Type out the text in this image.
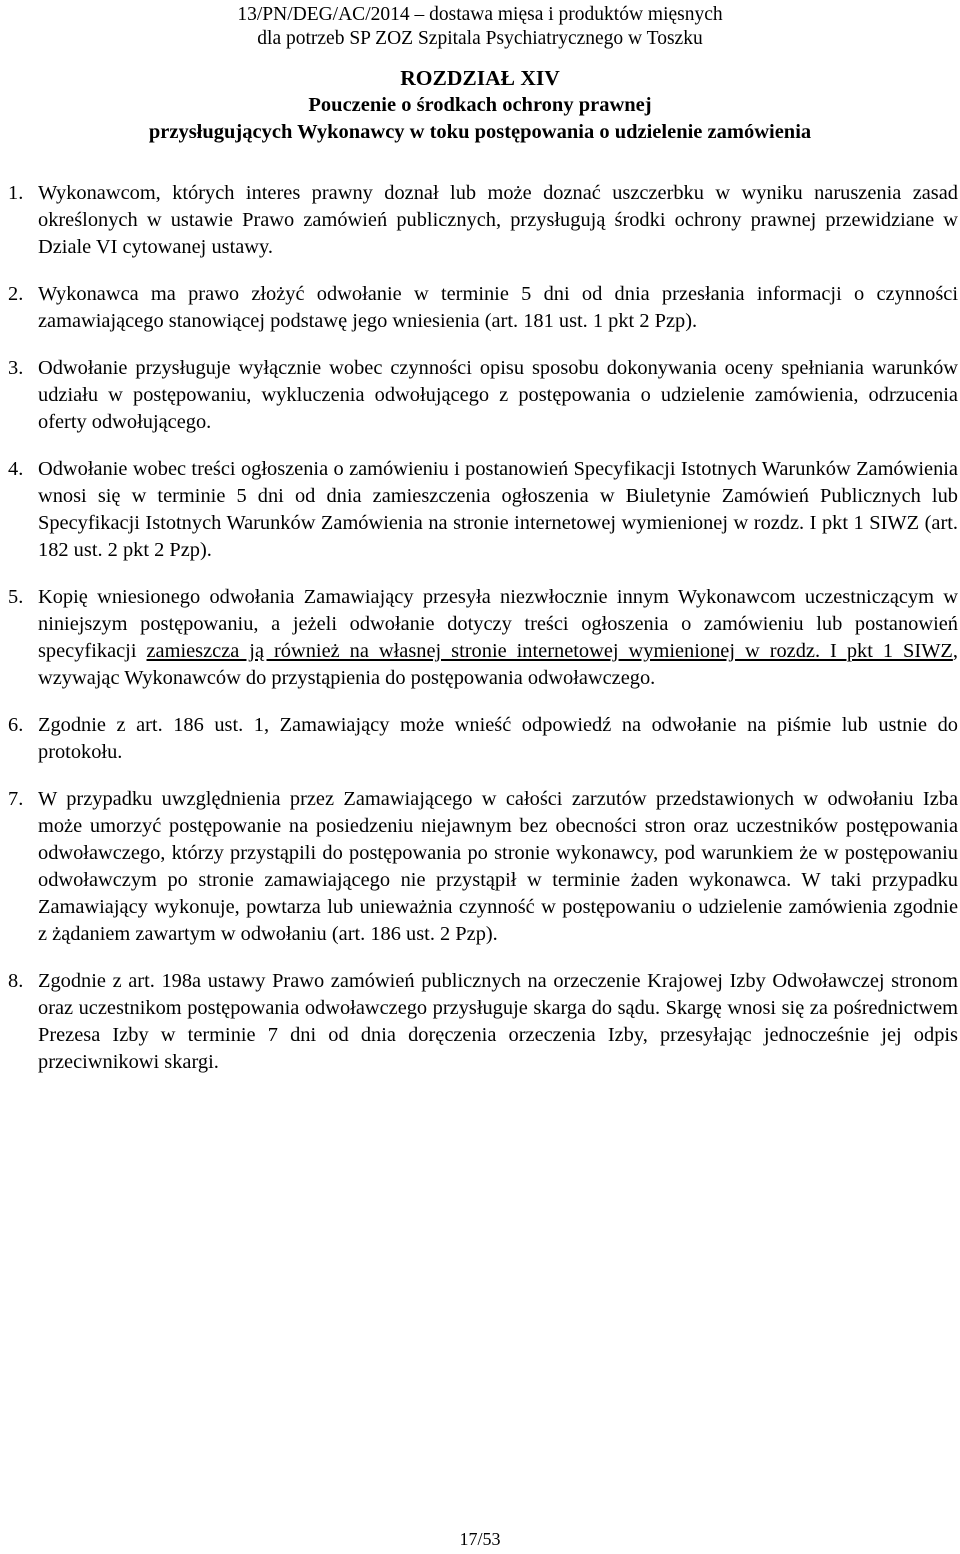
13/PN/DEG/AC/2014 – dostawa mięsa i produktów mięsnych
dla potrzeb SP ZOZ Szpitala Psychiatrycznego w Toszku
ROZDZIAŁ XIV
Pouczenie o środkach ochrony prawnej
przysługujących Wykonawcy w toku postępowania o udzielenie zamówienia
1. Wykonawcom, których interes prawny doznał lub może doznać uszczerbku w wyniku naruszenia zasad określonych w ustawie Prawo zamówień publicznych, przysługują środki ochrony prawnej przewidziane w Dziale VI cytowanej ustawy.
2. Wykonawca ma prawo złożyć odwołanie w terminie 5 dni od dnia przesłania informacji o czynności zamawiającego stanowiącej podstawę jego wniesienia (art. 181 ust. 1 pkt 2 Pzp).
3. Odwołanie przysługuje wyłącznie wobec czynności opisu sposobu dokonywania oceny spełniania warunków udziału w postępowaniu, wykluczenia odwołującego z postępowania o udzielenie zamówienia, odrzucenia oferty odwołującego.
4. Odwołanie wobec treści ogłoszenia o zamówieniu i postanowień Specyfikacji Istotnych Warunków Zamówienia wnosi się w terminie 5 dni od dnia zamieszczenia ogłoszenia w Biuletynie Zamówień Publicznych lub Specyfikacji Istotnych Warunków Zamówienia na stronie internetowej wymienionej w rozdz. I pkt 1 SIWZ (art. 182 ust. 2 pkt 2 Pzp).
5. Kopię wniesionego odwołania Zamawiający przesyła niezwłocznie innym Wykonawcom uczestniczącym w niniejszym postępowaniu, a jeżeli odwołanie dotyczy treści ogłoszenia o zamówieniu lub postanowień specyfikacji zamieszcza ją również na własnej stronie internetowej wymienionej w rozdz. I pkt 1 SIWZ, wzywając Wykonawców do przystąpienia do postępowania odwoławczego.
6. Zgodnie z art. 186 ust. 1, Zamawiający może wnieść odpowiedź na odwołanie na piśmie lub ustnie do protokołu.
7. W przypadku uwzględnienia przez Zamawiającego w całości zarzutów przedstawionych w odwołaniu Izba może umorzyć postępowanie na posiedzeniu niejawnym bez obecności stron oraz uczestników postępowania odwoławczego, którzy przystąpili do postępowania po stronie wykonawcy, pod warunkiem że w postępowaniu odwoławczym po stronie zamawiającego nie przystąpił w terminie żaden wykonawca. W taki przypadku Zamawiający wykonuje, powtarza lub unieważnia czynność w postępowaniu o udzielenie zamówienia zgodnie z żądaniem zawartym w odwołaniu (art. 186 ust. 2 Pzp).
8. Zgodnie z art. 198a ustawy Prawo zamówień publicznych na orzeczenie Krajowej Izby Odwoławczej stronom oraz uczestnikom postępowania odwoławczego przysługuje skarga do sądu. Skargę wnosi się za pośrednictwem Prezesa Izby w terminie 7 dni od dnia doręczenia orzeczenia Izby, przesyłając jednocześnie jej odpis przeciwnikowi skargi.
17/53
